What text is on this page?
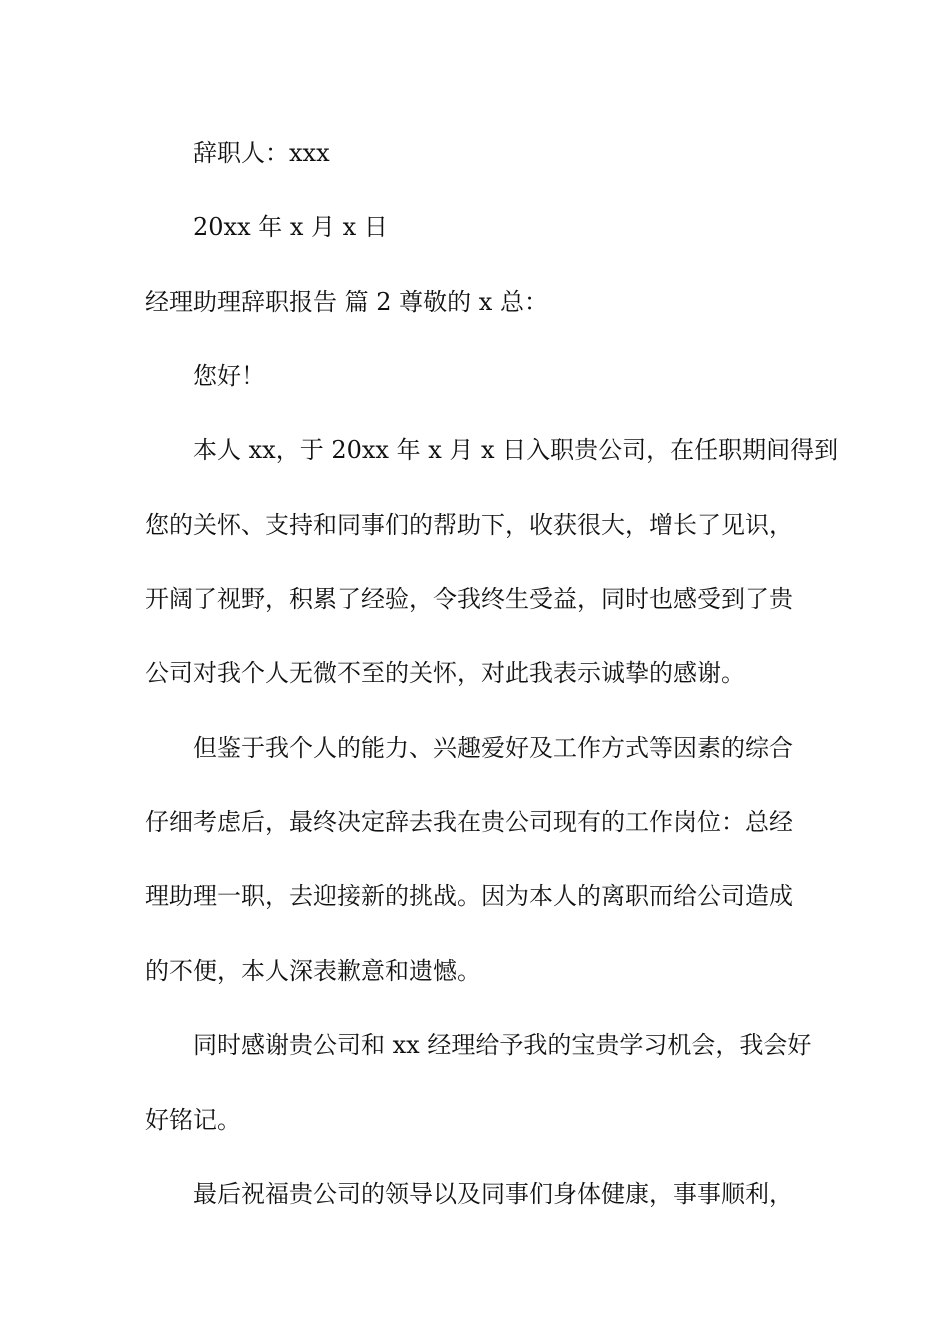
辞职人：xxx
20xx 年 x 月 x 日
经理助理辞职报告 篇 2 尊敬的 x 总：
您好！
本人 xx，于 20xx 年 x 月 x 日入职贵公司，在任职期间得到
您的关怀、支持和同事们的帮助下，收获很大，增长了见识，
开阔了视野，积累了经验，令我终生受益，同时也感受到了贵
公司对我个人无微不至的关怀，对此我表示诚挚的感谢。
但鉴于我个人的能力、兴趣爱好及工作方式等因素的综合
仔细考虑后，最终决定辞去我在贵公司现有的工作岗位：总经
理助理一职，去迎接新的挑战。因为本人的离职而给公司造成
的不便，本人深表歉意和遗憾。
同时感谢贵公司和 xx 经理给予我的宝贵学习机会，我会好
好铭记。
最后祝福贵公司的领导以及同事们身体健康，事事顺利，
